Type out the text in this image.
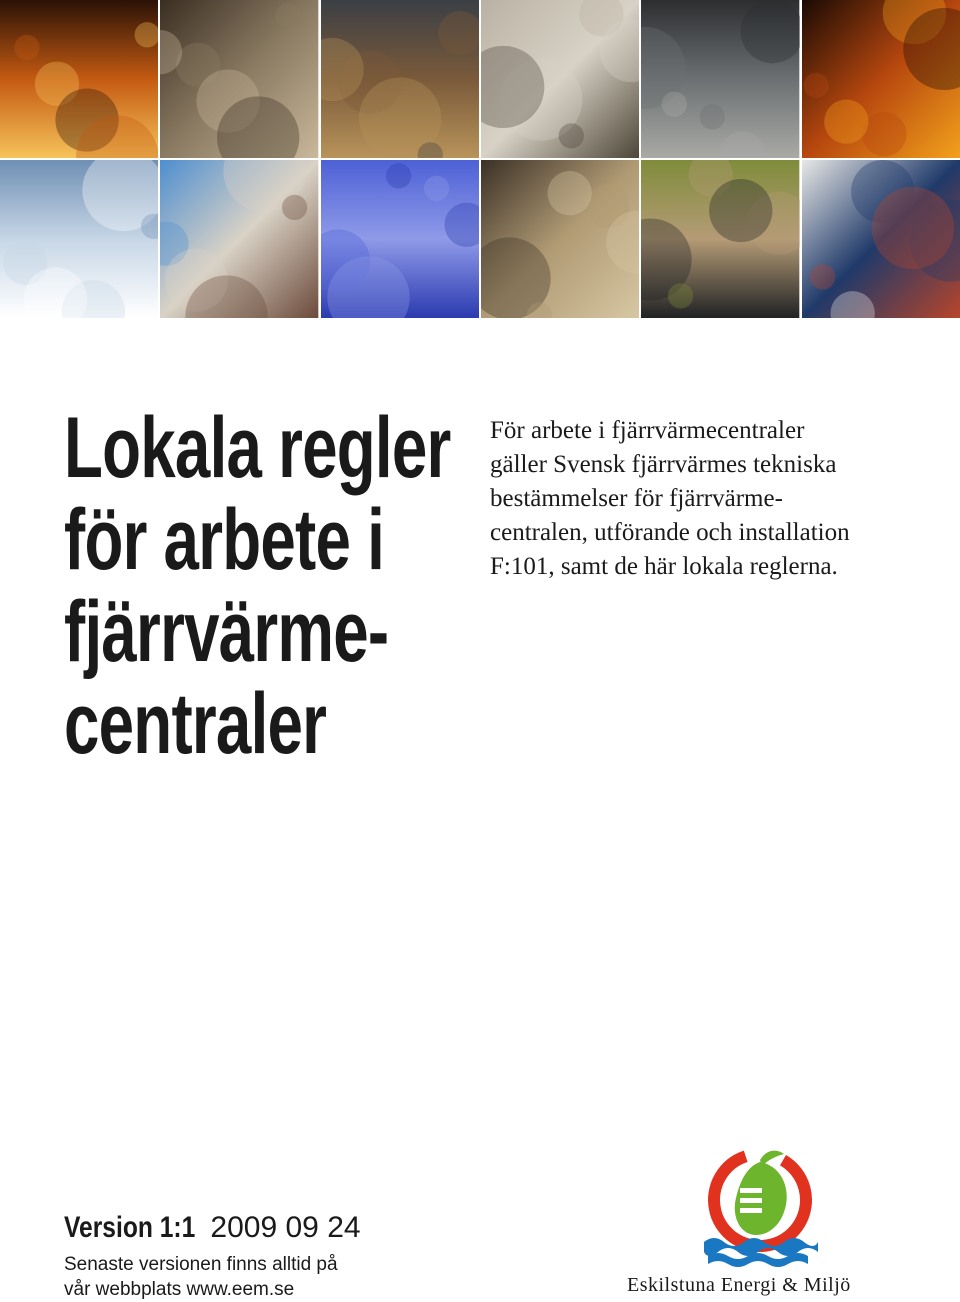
Lokala regler
för arbete i
fjärrvärme-
centraler
För arbete i fjärrvärmecentraler
gäller Svensk fjärrvärmes tekniska
bestämmelser för fjärrvärme-
centralen, utförande och installation
F:101, samt de här lokala reglerna.
Version 1:1 2009 09 24
Senaste versionen finns alltid på
vår webbplats www.eem.se	Eskilstuna Energi & Miljö
